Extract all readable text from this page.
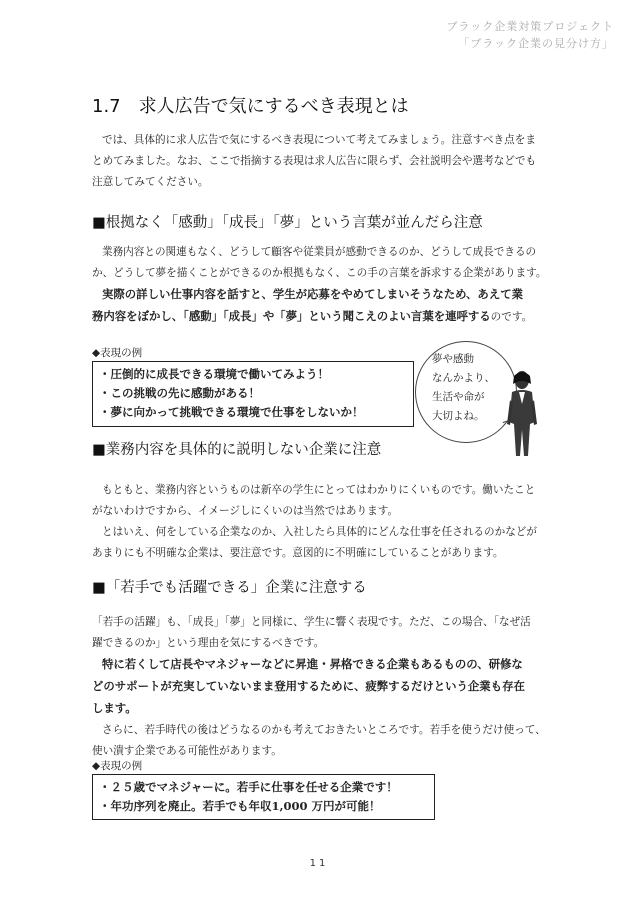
ブラック企業対策プロジェクト
「ブラック企業の見分け方」
1.7 求人広告で気にするべき表現とは

では、具体的に求人広告で気にするべき表現について考えてみましょう。注意すべき点をま
とめてみました。なお、ここで指摘する表現は求人広告に限らず、会社説明会や選考などでも
注意してみてください。

■根拠なく「感動」「成長」「夢」という言葉が並んだら注意

業務内容との関連もなく、どうして顧客や従業員が感動できるのか、どうして成長できるの
か、どうして夢を描くことができるのか根拠もなく、この手の言葉を訴求する企業があります。
実際の詳しい仕事内容を話すと、学生が応募をやめてしまいそうなため、あえて業
務内容をぼかし、「感動」「成長」や「夢」という聞こえのよい言葉を連呼するのです。

◆表現の例
・圧倒的に成長できる環境で働いてみよう！
・この挑戦の先に感動がある！
・夢に向かって挑戦できる環境で仕事をしないか！
夢や感動
なんかより、
生活や命が
大切よね。
■業務内容を具体的に説明しない企業に注意

もともと、業務内容というものは新卒の学生にとってはわかりにくいものです。働いたこと
がないわけですから、イメージしにくいのは当然ではあります。
とはいえ、何をしている企業なのか、入社したら具体的にどんな仕事を任されるのかなどが
あまりにも不明確な企業は、要注意です。意図的に不明確にしていることがあります。

■「若手でも活躍できる」企業に注意する

「若手の活躍」も、「成長」「夢」と同様に、学生に響く表現です。ただ、この場合、「なぜ活
躍できるのか」という理由を気にするべきです。
特に若くして店長やマネジャーなどに昇進・昇格できる企業もあるものの、研修な
どのサポートが充実していないまま登用するために、疲弊するだけという企業も存在
します。
さらに、若手時代の後はどうなるのかも考えておきたいところです。若手を使うだけ使って、
使い潰す企業である可能性があります。

◆表現の例
・２５歳でマネジャーに。若手に仕事を任せる企業です！
・年功序列を廃止。若手でも年収1,000 万円が可能！
11
